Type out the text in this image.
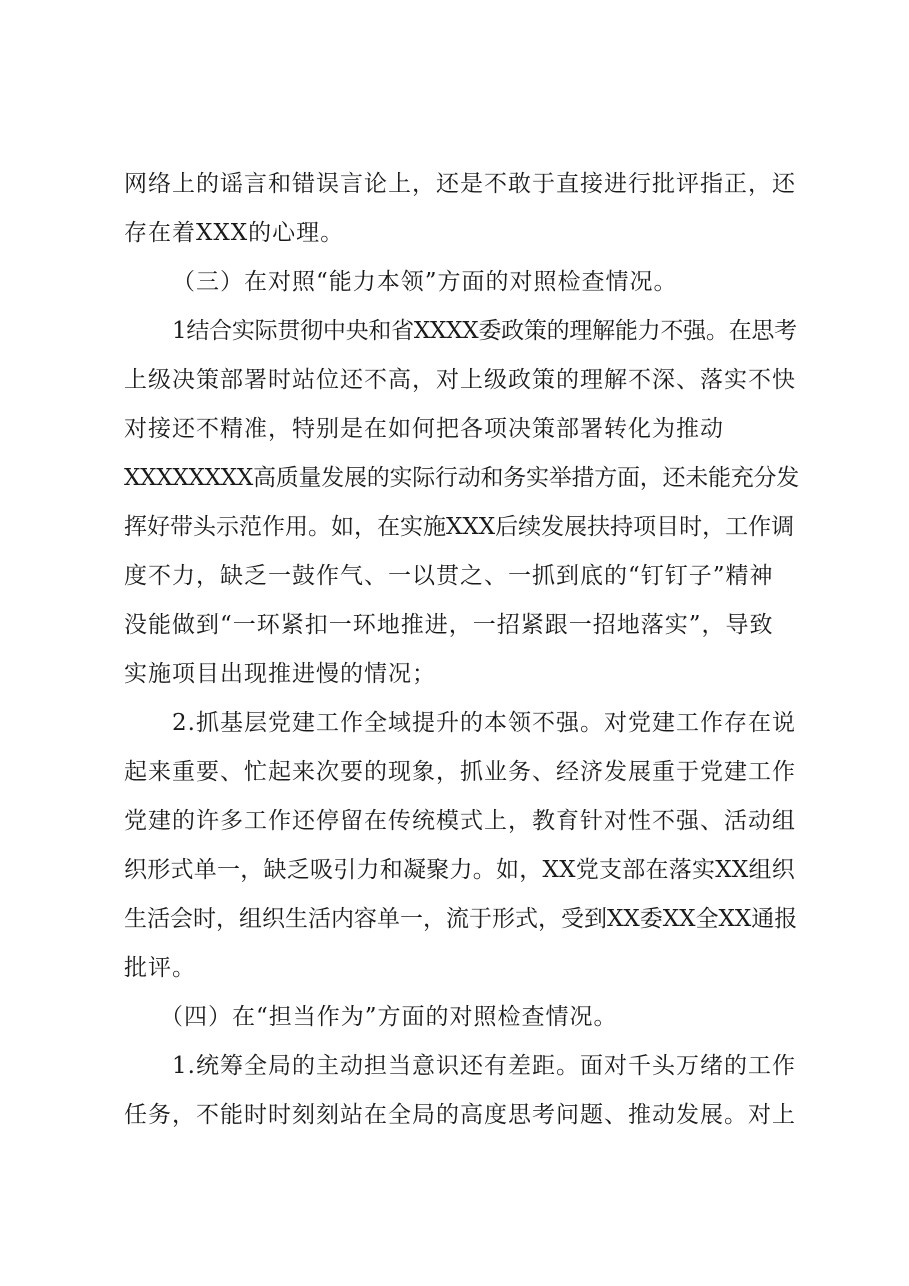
网络上的谣言和错误言论上，还是不敢于直接进行批评指正，还
存在着XXX的心理。
（三）在对照“能力本领”方面的对照检查情况。
1结合实际贯彻中央和省XXXX委政策的理解能力不强。在思考
上级决策部署时站位还不高，对上级政策的理解不深、落实不快
对接还不精准，特别是在如何把各项决策部署转化为推动
XXXXXXXX高质量发展的实际行动和务实举措方面，还未能充分发
挥好带头示范作用。如，在实施XXX后续发展扶持项目时，工作调
度不力，缺乏一鼓作气、一以贯之、一抓到底的“钉钉子”精神
没能做到“一环紧扣一环地推进，一招紧跟一招地落实”，导致
实施项目出现推进慢的情况；
2.抓基层党建工作全域提升的本领不强。对党建工作存在说
起来重要、忙起来次要的现象，抓业务、经济发展重于党建工作
党建的许多工作还停留在传统模式上，教育针对性不强、活动组
织形式单一，缺乏吸引力和凝聚力。如，XX党支部在落实XX组织
生活会时，组织生活内容单一，流于形式，受到XX委XX全XX通报
批评。
（四）在“担当作为”方面的对照检查情况。
1.统筹全局的主动担当意识还有差距。面对千头万绪的工作
任务，不能时时刻刻站在全局的高度思考问题、推动发展。对上
